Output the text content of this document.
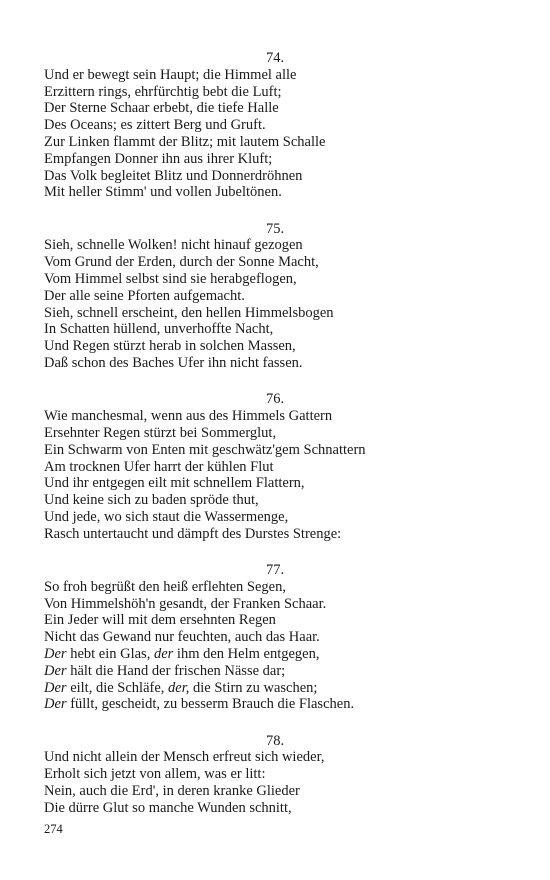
74.
Und er bewegt sein Haupt; die Himmel alle
Erzittern rings, ehrfürchtig bebt die Luft;
Der Sterne Schaar erbebt, die tiefe Halle
Des Oceans; es zittert Berg und Gruft.
Zur Linken flammt der Blitz; mit lautem Schalle
Empfangen Donner ihn aus ihrer Kluft;
Das Volk begleitet Blitz und Donnerdröhnen
Mit heller Stimm' und vollen Jubeltönen.
75.
Sieh, schnelle Wolken! nicht hinauf gezogen
Vom Grund der Erden, durch der Sonne Macht,
Vom Himmel selbst sind sie herabgeflogen,
Der alle seine Pforten aufgemacht.
Sieh, schnell erscheint, den hellen Himmelsbogen
In Schatten hüllend, unverhoffte Nacht,
Und Regen stürzt herab in solchen Massen,
Daß schon des Baches Ufer ihn nicht fassen.
76.
Wie manchesmal, wenn aus des Himmels Gattern
Ersehnter Regen stürzt bei Sommerglut,
Ein Schwarm von Enten mit geschwätz'gem Schnattern
Am trocknen Ufer harrt der kühlen Flut
Und ihr entgegen eilt mit schnellem Flattern,
Und keine sich zu baden spröde thut,
Und jede, wo sich staut die Wassermenge,
Rasch untertaucht und dämpft des Durstes Strenge:
77.
So froh begrüßt den heiß erflehten Segen,
Von Himmelshöh'n gesandt, der Franken Schaar.
Ein Jeder will mit dem ersehnten Regen
Nicht das Gewand nur feuchten, auch das Haar.
Der hebt ein Glas, der ihm den Helm entgegen,
Der hält die Hand der frischen Nässe dar;
Der eilt, die Schläfe, der, die Stirn zu waschen;
Der füllt, gescheidt, zu besserm Brauch die Flaschen.
78.
Und nicht allein der Mensch erfreut sich wieder,
Erholt sich jetzt von allem, was er litt:
Nein, auch die Erd', in deren kranke Glieder
Die dürre Glut so manche Wunden schnitt,
274
